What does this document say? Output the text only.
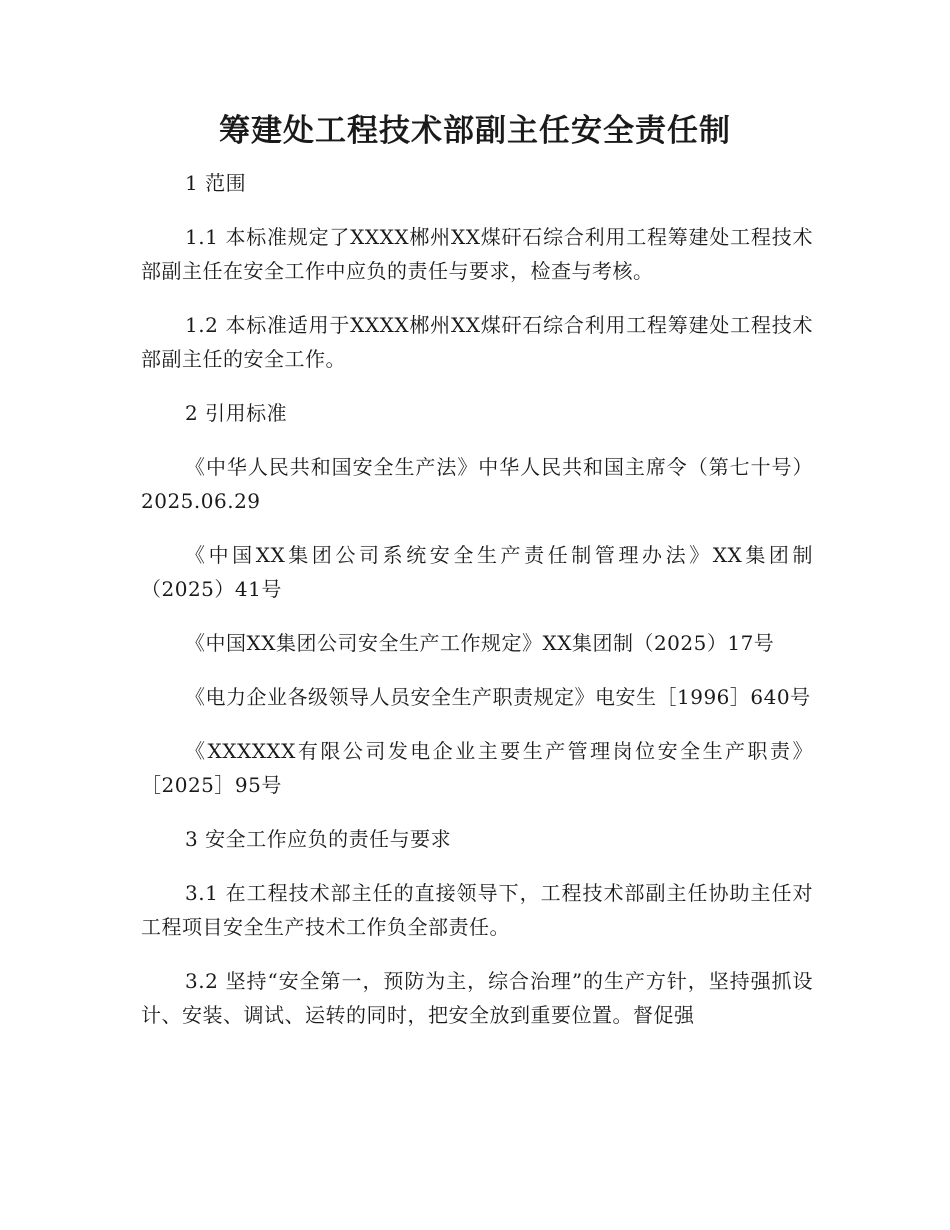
筹建处工程技术部副主任安全责任制

1 范围

1.1 本标准规定了XXXX郴州XX煤矸石综合利用工程筹建处工程技术部副主任在安全工作中应负的责任与要求，检查与考核。

1.2 本标准适用于XXXX郴州XX煤矸石综合利用工程筹建处工程技术部副主任的安全工作。

2 引用标准

《中华人民共和国安全生产法》中华人民共和国主席令（第七十号）2025.06.29

《中国XX集团公司系统安全生产责任制管理办法》XX集团制（2025）41号

《中国XX集团公司安全生产工作规定》XX集团制（2025）17号

《电力企业各级领导人员安全生产职责规定》电安生［1996］640号

《XXXXXX有限公司发电企业主要生产管理岗位安全生产职责》［2025］95号

3 安全工作应负的责任与要求

3.1 在工程技术部主任的直接领导下，工程技术部副主任协助主任对工程项目安全生产技术工作负全部责任。

3.2 坚持“安全第一，预防为主，综合治理”的生产方针，坚持强抓设计、安装、调试、运转的同时，把安全放到重要位置。督促强
